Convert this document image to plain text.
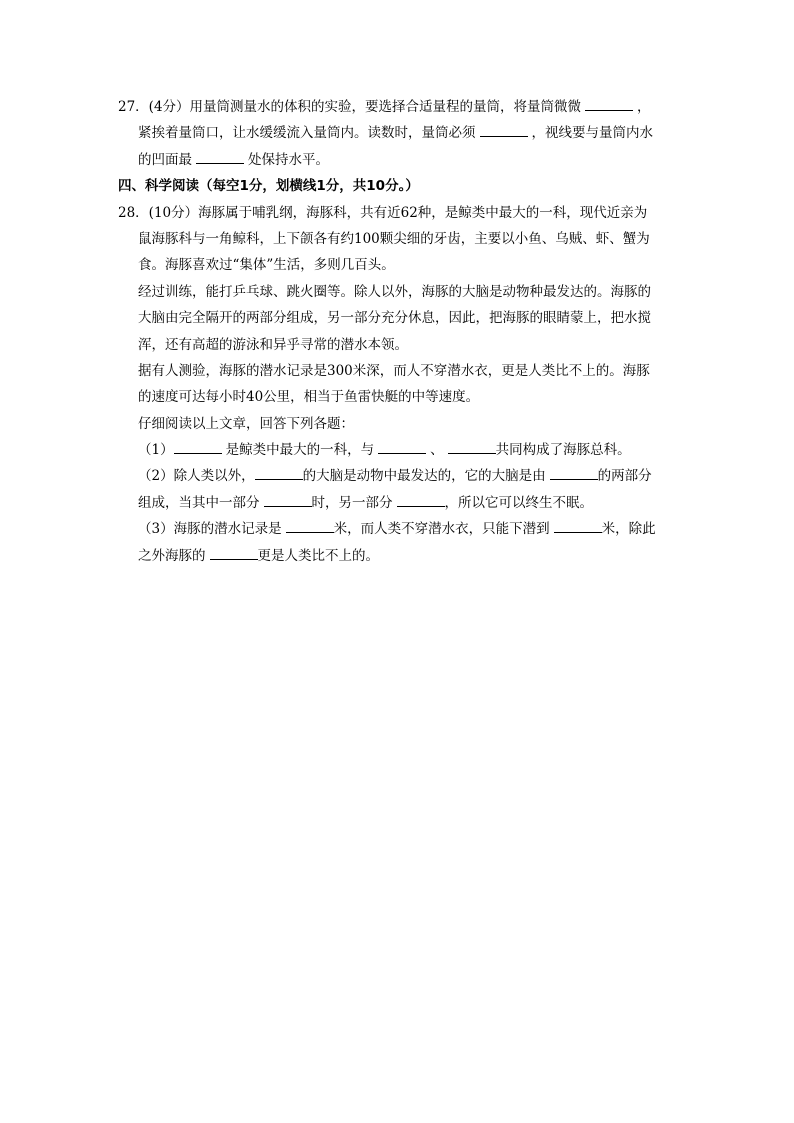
27．(4分）用量筒测量水的体积的实验，要选择合适量程的量筒，将量筒微微	，
紧挨着量筒口，让水缓缓流入量筒内。读数时，量筒必须	，视线要与量筒内水
的凹面最	处保持水平。
四、科学阅读（每空1分，划横线1分，共10分。）
28．(10分）海豚属于哺乳纲，海豚科，共有近62种，是鲸类中最大的一科，现代近亲为
鼠海豚科与一角鲸科，上下颌各有约100颗尖细的牙齿，主要以小鱼、乌贼、虾、蟹为
食。海豚喜欢过“集体”生活，多则几百头。
经过训练，能打乒乓球、跳火圈等。除人以外，海豚的大脑是动物种最发达的。海豚的
大脑由完全隔开的两部分组成，另一部分充分休息，因此，把海豚的眼睛蒙上，把水搅
浑，还有高超的游泳和异乎寻常的潜水本领。
据有人测验，海豚的潜水记录是300米深，而人不穿潜水衣，更是人类比不上的。海豚
的速度可达每小时40公里，相当于鱼雷快艇的中等速度。
仔细阅读以上文章，回答下列各题：
（1）	是鲸类中最大的一科，与	、	共同构成了海豚总科。
（2）除人类以外，	的大脑是动物中最发达的，它的大脑是由	的两部分
组成，当其中一部分	时，另一部分	，所以它可以终生不眠。
（3）海豚的潜水记录是	米，而人类不穿潜水衣，只能下潜到	米，除此
之外海豚的	更是人类比不上的。
